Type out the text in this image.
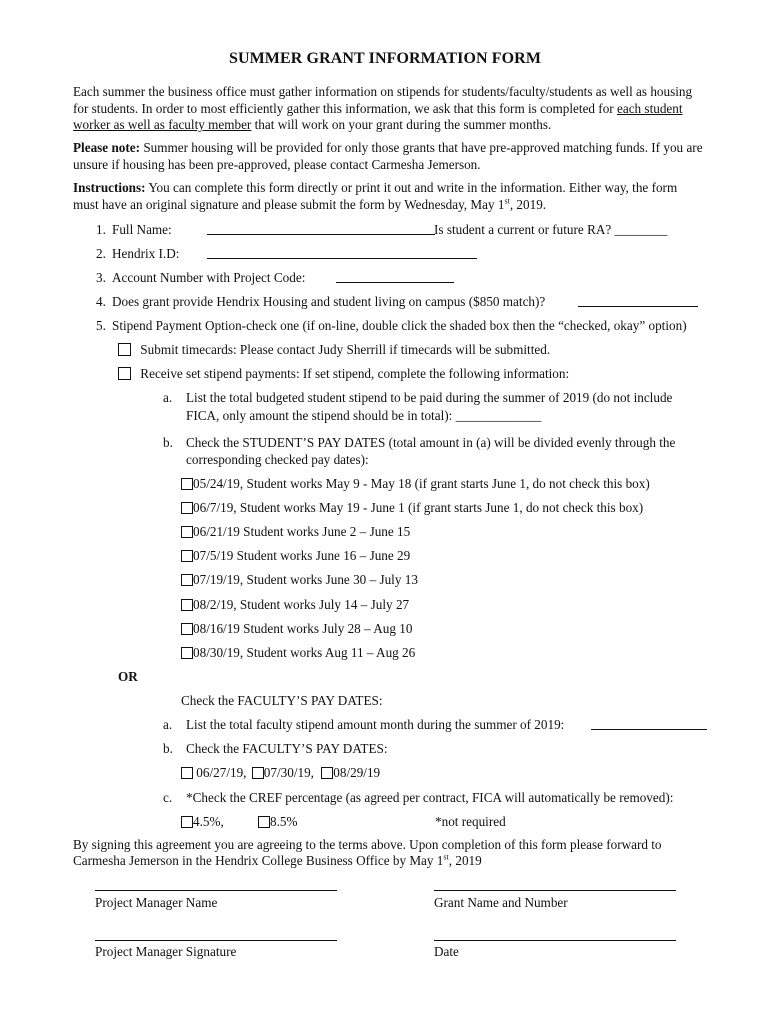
SUMMER GRANT INFORMATION FORM

Each summer the business office must gather information on stipends for students/faculty/students as well as housing for students. In order to most efficiently gather this information, we ask that this form is completed for each student worker as well as faculty member that will work on your grant during the summer months.

Please note: Summer housing will be provided for only those grants that have pre-approved matching funds. If you are unsure if housing has been pre-approved, please contact Carmesha Jemerson.

Instructions: You can complete this form directly or print it out and write in the information. Either way, the form must have an original signature and please submit the form by Wednesday, May 1st, 2019.

1. Full Name:	Is student a current or future RA? ________
2. Hendrix I.D:
3. Account Number with Project Code:
4. Does grant provide Hendrix Housing and student living on campus ($850 match)?
5. Stipend Payment Option-check one (if on-line, double click the shaded box then the “checked, okay” option)
Submit timecards: Please contact Judy Sherrill if timecards will be submitted.
Receive set stipend payments: If set stipend, complete the following information:
a. List the total budgeted student stipend to be paid during the summer of 2019 (do not include
FICA, only amount the stipend should be in total): _____________
b. Check the STUDENT’S PAY DATES (total amount in (a) will be divided evenly through the
corresponding checked pay dates):
05/24/19, Student works May 9 - May 18 (if grant starts June 1, do not check this box)
06/7/19, Student works May 19 - June 1 (if grant starts June 1, do not check this box)
06/21/19 Student works June 2 – June 15
07/5/19 Student works June 16 – June 29
07/19/19, Student works June 30 – July 13
08/2/19, Student works July 14 – July 27
08/16/19 Student works July 28 – Aug 10
08/30/19, Student works Aug 11 – Aug 26
OR
Check the FACULTY’S PAY DATES:
a. List the total faculty stipend amount month during the summer of 2019:
b. Check the FACULTY’S PAY DATES:
06/27/19, 07/30/19, 08/29/19
c. *Check the CREF percentage (as agreed per contract, FICA will automatically be removed):
4.5%,	8.5%	*not required
By signing this agreement you are agreeing to the terms above. Upon completion of this form please forward to
Carmesha Jemerson in the Hendrix College Business Office by May 1st, 2019
Project Manager Name	Grant Name and Number
Project Manager Signature	Date
